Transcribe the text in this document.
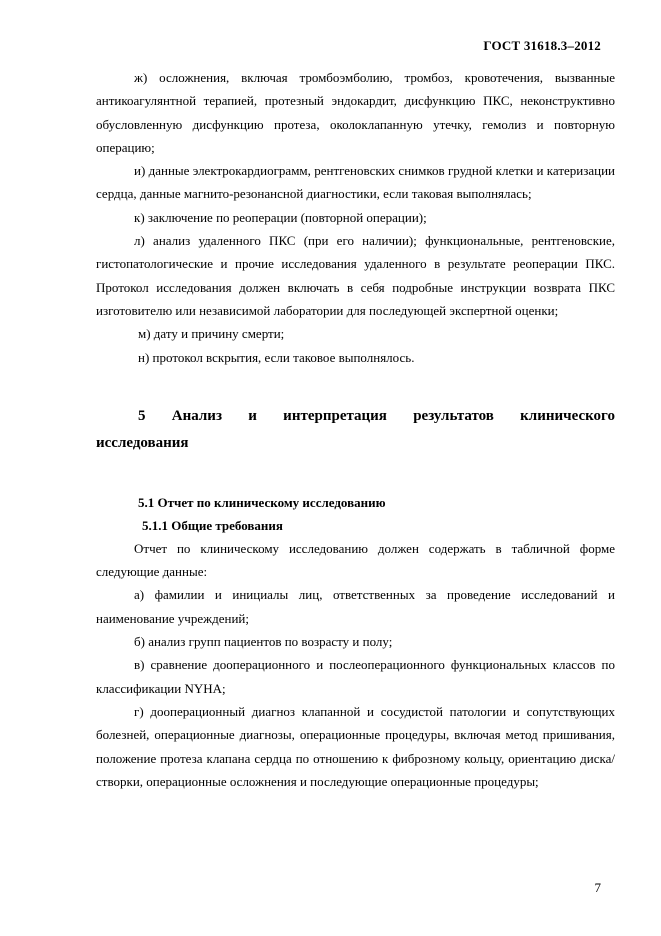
ГОСТ 31618.3–2012

ж) осложнения, включая тромбоэмболию, тромбоз, кровотечения, вызванные антикоагулянтной терапией, протезный эндокардит, дисфункцию ПКС, неконструктивно обусловленную дисфункцию протеза, околоклапанную утечку, гемолиз и повторную операцию;

и) данные электрокардиограмм, рентгеновских снимков грудной клетки и катеризации сердца, данные магнито-резонансной диагностики, если таковая выполнялась;

к) заключение по реоперации (повторной операции);

л) анализ удаленного ПКС (при его наличии); функциональные, рентгеновские, гистопатологические и прочие исследования удаленного в результате реоперации ПКС. Протокол исследования должен включать в себя подробные инструкции возврата ПКС изготовителю или независимой лаборатории для последующей экспертной оценки;

м) дату и причину смерти;

н) протокол вскрытия, если таковое выполнялось.

5 Анализ и интерпретация результатов клинического
исследования
5.1 Отчет по клиническому исследованию
5.1.1 Общие требования

Отчет по клиническому исследованию должен содержать в табличной форме следующие данные:

а) фамилии и инициалы лиц, ответственных за проведение исследований и наименование учреждений;

б) анализ групп пациентов по возрасту и полу;

в) сравнение дооперационного и послеоперационного функциональных классов по классификации NYHA;

г) дооперационный диагноз клапанной и сосудистой патологии и сопутствующих болезней, операционные диагнозы, операционные процедуры, включая метод пришивания, положение протеза клапана сердца по отношению к фиброзному кольцу, ориентацию диска/створки, операционные осложнения и последующие операционные процедуры;

7
